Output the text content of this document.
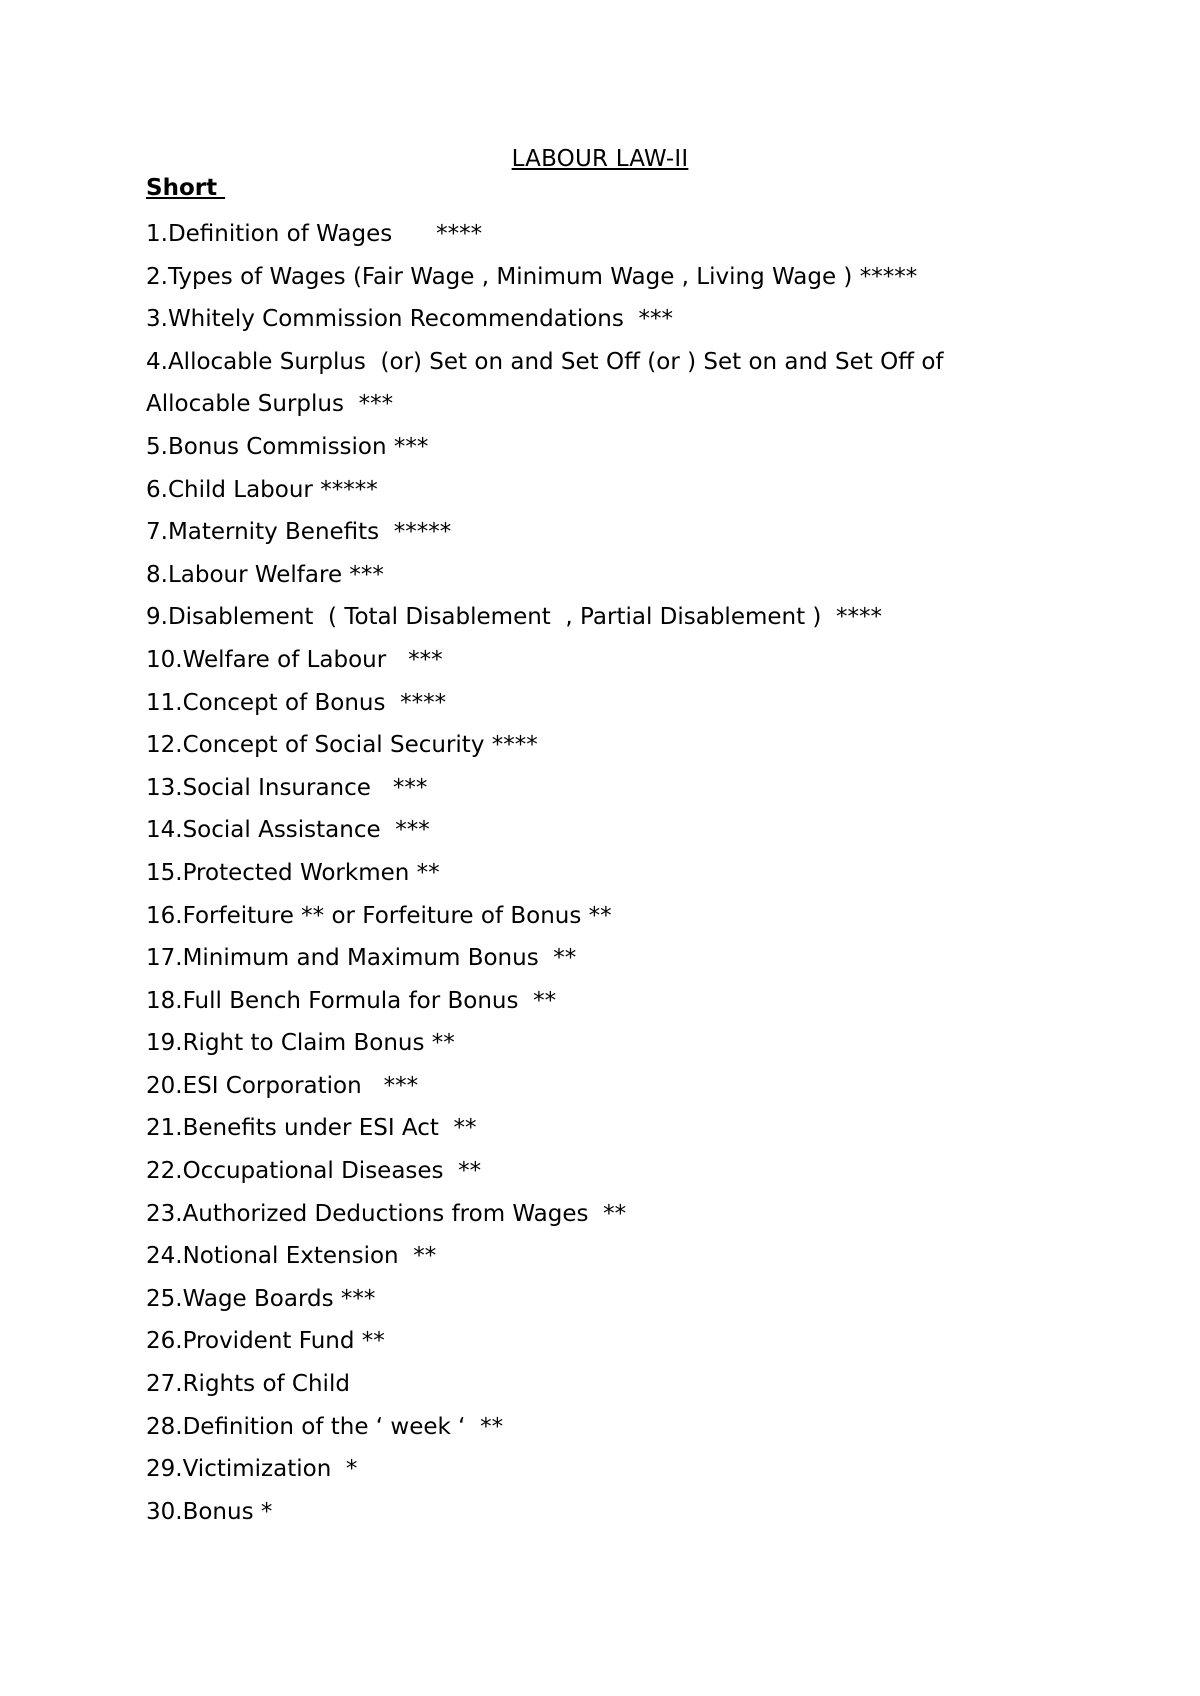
LABOUR LAW-II
Short
1.Definition of Wages      ****
2.Types of Wages (Fair Wage , Minimum Wage , Living Wage ) *****
3.Whitely Commission Recommendations  ***
4.Allocable Surplus  (or) Set on and Set Off (or ) Set on and Set Off of
Allocable Surplus  ***
5.Bonus Commission ***
6.Child Labour *****
7.Maternity Benefits  *****
8.Labour Welfare ***
9.Disablement  ( Total Disablement  , Partial Disablement )  ****
10.Welfare of Labour   ***
11.Concept of Bonus  ****
12.Concept of Social Security ****
13.Social Insurance   ***
14.Social Assistance  ***
15.Protected Workmen **
16.Forfeiture ** or Forfeiture of Bonus **
17.Minimum and Maximum Bonus  **
18.Full Bench Formula for Bonus  **
19.Right to Claim Bonus **
20.ESI Corporation   ***
21.Benefits under ESI Act  **
22.Occupational Diseases  **
23.Authorized Deductions from Wages  **
24.Notional Extension  **
25.Wage Boards ***
26.Provident Fund **
27.Rights of Child
28.Definition of the ‘ week ‘  **
29.Victimization  *
30.Bonus *
